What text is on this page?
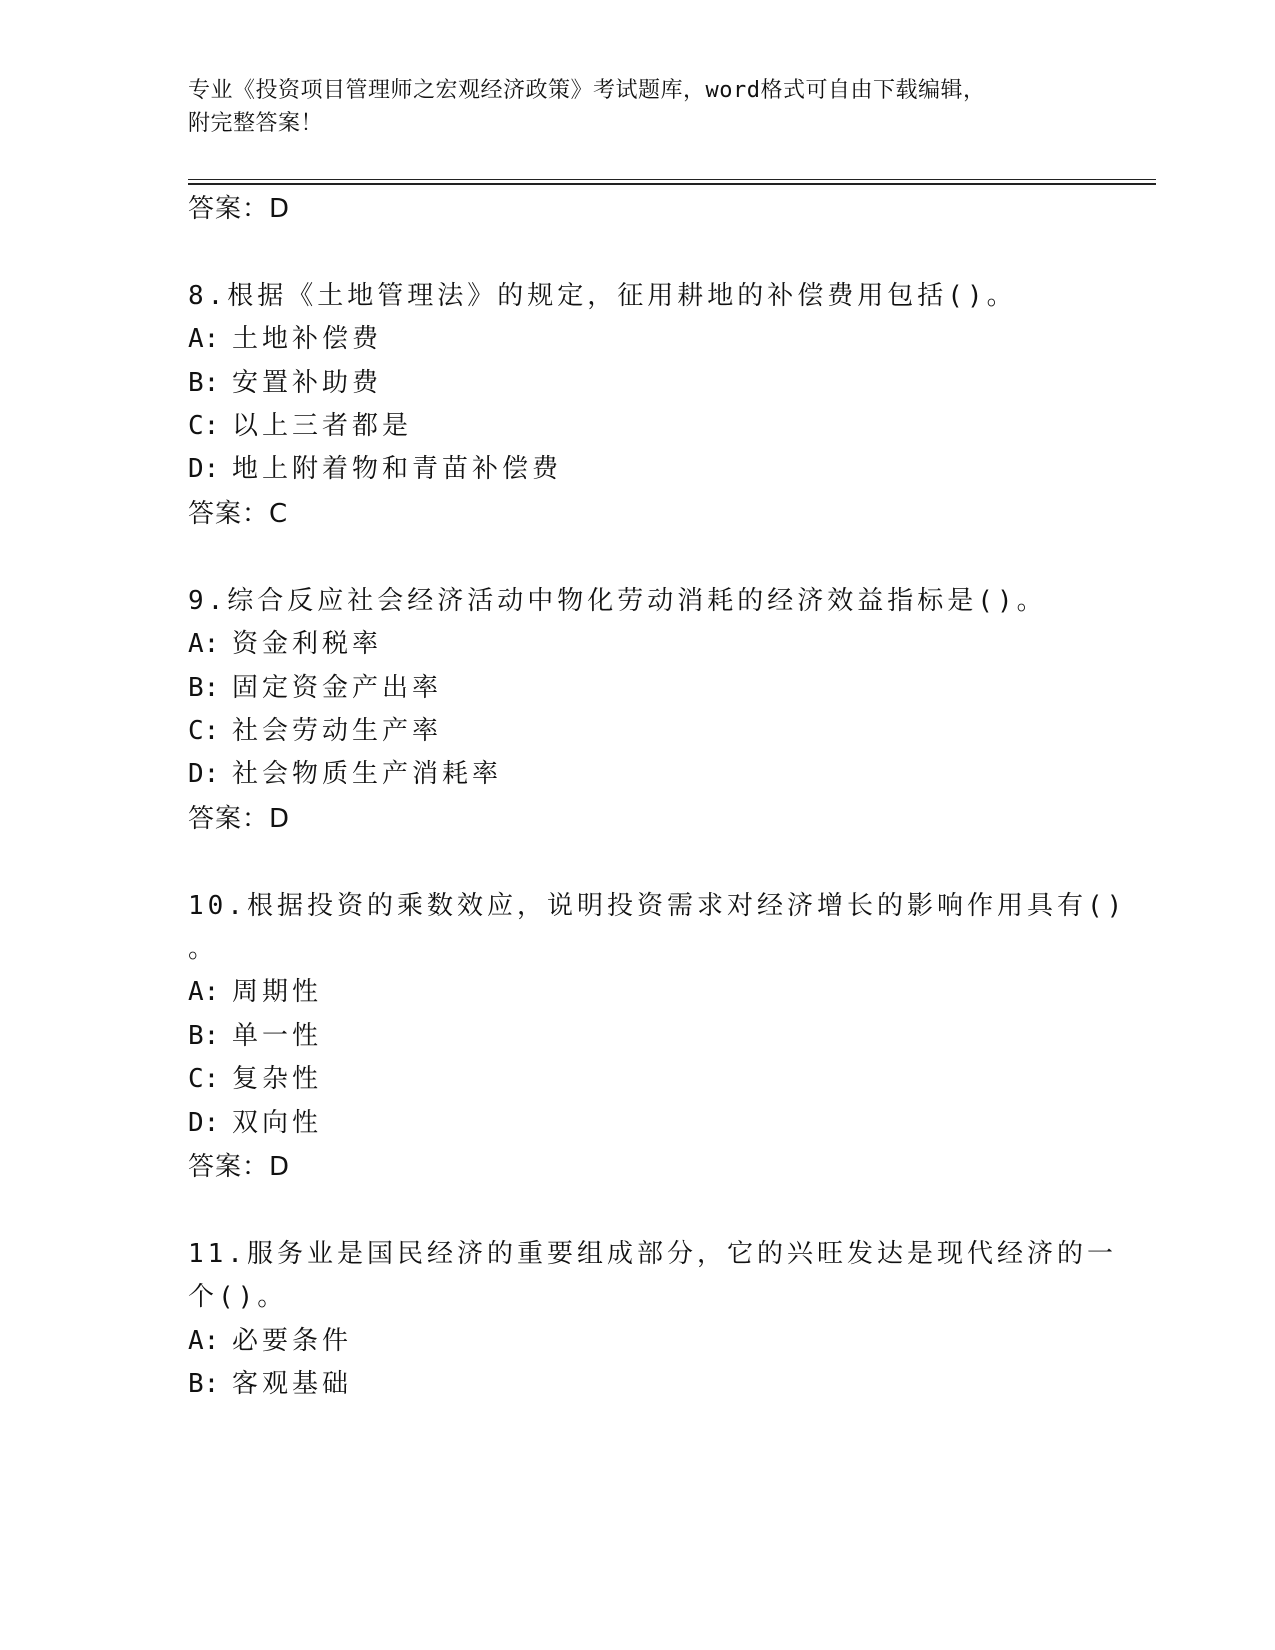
专业《投资项目管理师之宏观经济政策》考试题库，word格式可自由下载编辑，
附完整答案！
答案：D
8.根据《土地管理法》的规定，征用耕地的补偿费用包括()。
A: 土地补偿费
B: 安置补助费
C: 以上三者都是
D: 地上附着物和青苗补偿费
答案：C
9.综合反应社会经济活动中物化劳动消耗的经济效益指标是()。
A: 资金利税率
B: 固定资金产出率
C: 社会劳动生产率
D: 社会物质生产消耗率
答案：D
10.根据投资的乘数效应，说明投资需求对经济增长的影响作用具有()
。
A: 周期性
B: 单一性
C: 复杂性
D: 双向性
答案：D
11.服务业是国民经济的重要组成部分，它的兴旺发达是现代经济的一
个()。
A: 必要条件
B: 客观基础
